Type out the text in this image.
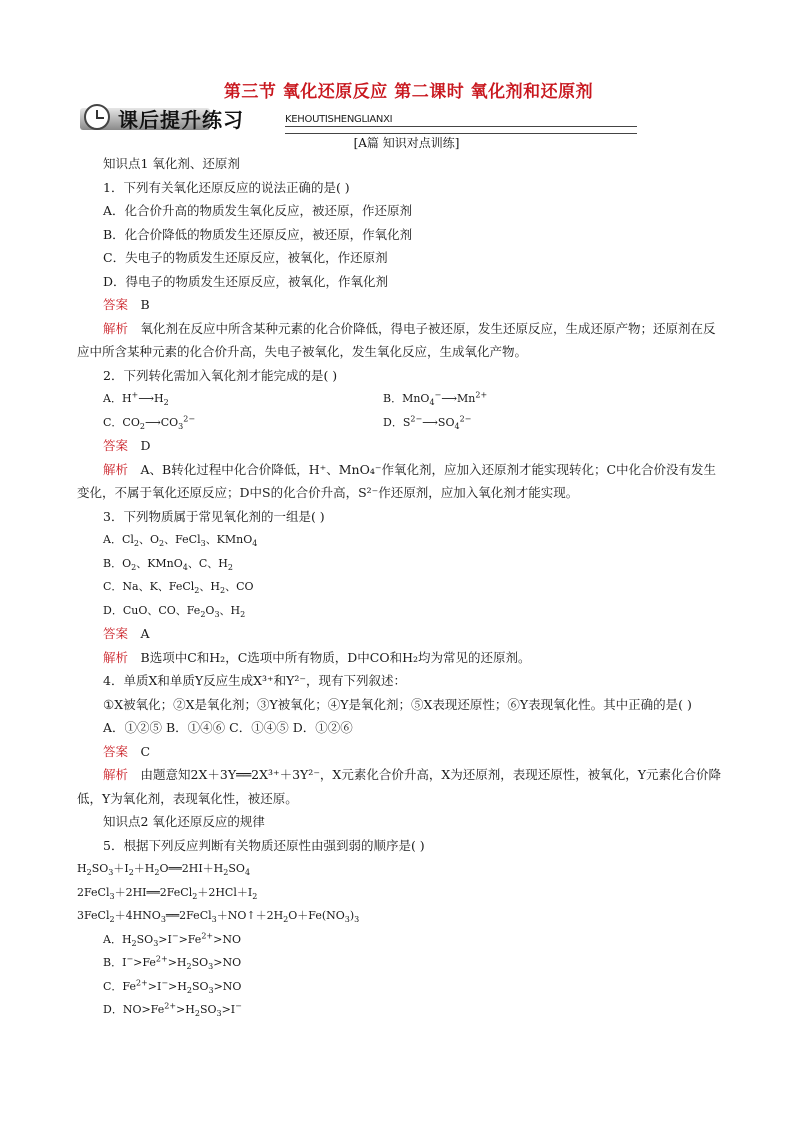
第三节 氧化还原反应 第二课时 氧化剂和还原剂
课后提升练习	KEHOUTISHENGLIANXI
[A篇 知识对点训练]
知识点1 氧化剂、还原剂
1．下列有关氧化还原反应的说法正确的是( )
A．化合价升高的物质发生氧化反应，被还原，作还原剂
B．化合价降低的物质发生还原反应，被还原，作氧化剂
C．失电子的物质发生还原反应，被氧化，作还原剂
D．得电子的物质发生还原反应，被氧化，作氧化剂
答案　 B
解析　 氧化剂在反应中所含某种元素的化合价降低，得电子被还原，发生还原反应，生成还原产物；还原剂在反应中所含某种元素的化合价升高，失电子被氧化，发生氧化反应，生成氧化产物。
2．下列转化需加入氧化剂才能完成的是( )
A．$H^+⟶H_2$	B．$MnO_4^-⟶Mn^{2+}$
C．$CO_2⟶CO_3^{2-}$	D．$S^{2-}⟶SO_4^{2-}$
答案　 D
解析　 A、B转化过程中化合价降低，H⁺、MnO₄⁻作氧化剂，应加入还原剂才能实现转化；C中化合价没有发生变化，不属于氧化还原反应；D中S的化合价升高，S²⁻作还原剂，应加入氧化剂才能实现。
3．下列物质属于常见氧化剂的一组是( )
A．$Cl_2$、$O_2$、FeCl$_3$、KMnO$_4$
B．$O_2$、KMnO$_4$、C、$H_2$
C．Na、K、FeCl$_2$、$H_2$、CO
D．CuO、CO、$Fe_2O_3$、$H_2$
答案　 A
解析　 B选项中C和H₂，C选项中所有物质，D中CO和H₂均为常见的还原剂。
4．单质X和单质Y反应生成X³⁺和Y²⁻，现有下列叙述：
①X被氧化；②X是氧化剂；③Y被氧化；④Y是氧化剂；⑤X表现还原性；⑥Y表现氧化性。其中正确的是( )
A．①②⑤ B．①④⑥ C．①④⑤ D．①②⑥
答案　 C
解析　 由题意知2X＋3Y══2X³⁺＋3Y²⁻，X元素化合价升高，X为还原剂，表现还原性，被氧化，Y元素化合价降低，Y为氧化剂，表现氧化性，被还原。
知识点2 氧化还原反应的规律
5．根据下列反应判断有关物质还原性由强到弱的顺序是( )
$H_2SO_3+I_2+H_2O══2HI+H_2SO_4$
$2FeCl_3+2HI══2FeCl_2+2HCl+I_2$
$3FeCl_2+4HNO_3══2FeCl_3+NO↑+2H_2O+Fe(NO_3)_3$
A．$H_2SO_3>I^->Fe^{2+}>NO$
B．$I^->Fe^{2+}>H_2SO_3>NO$
C．$Fe^{2+}>I^->H_2SO_3>NO$
D．$NO>Fe^{2+}>H_2SO_3>I^-$
